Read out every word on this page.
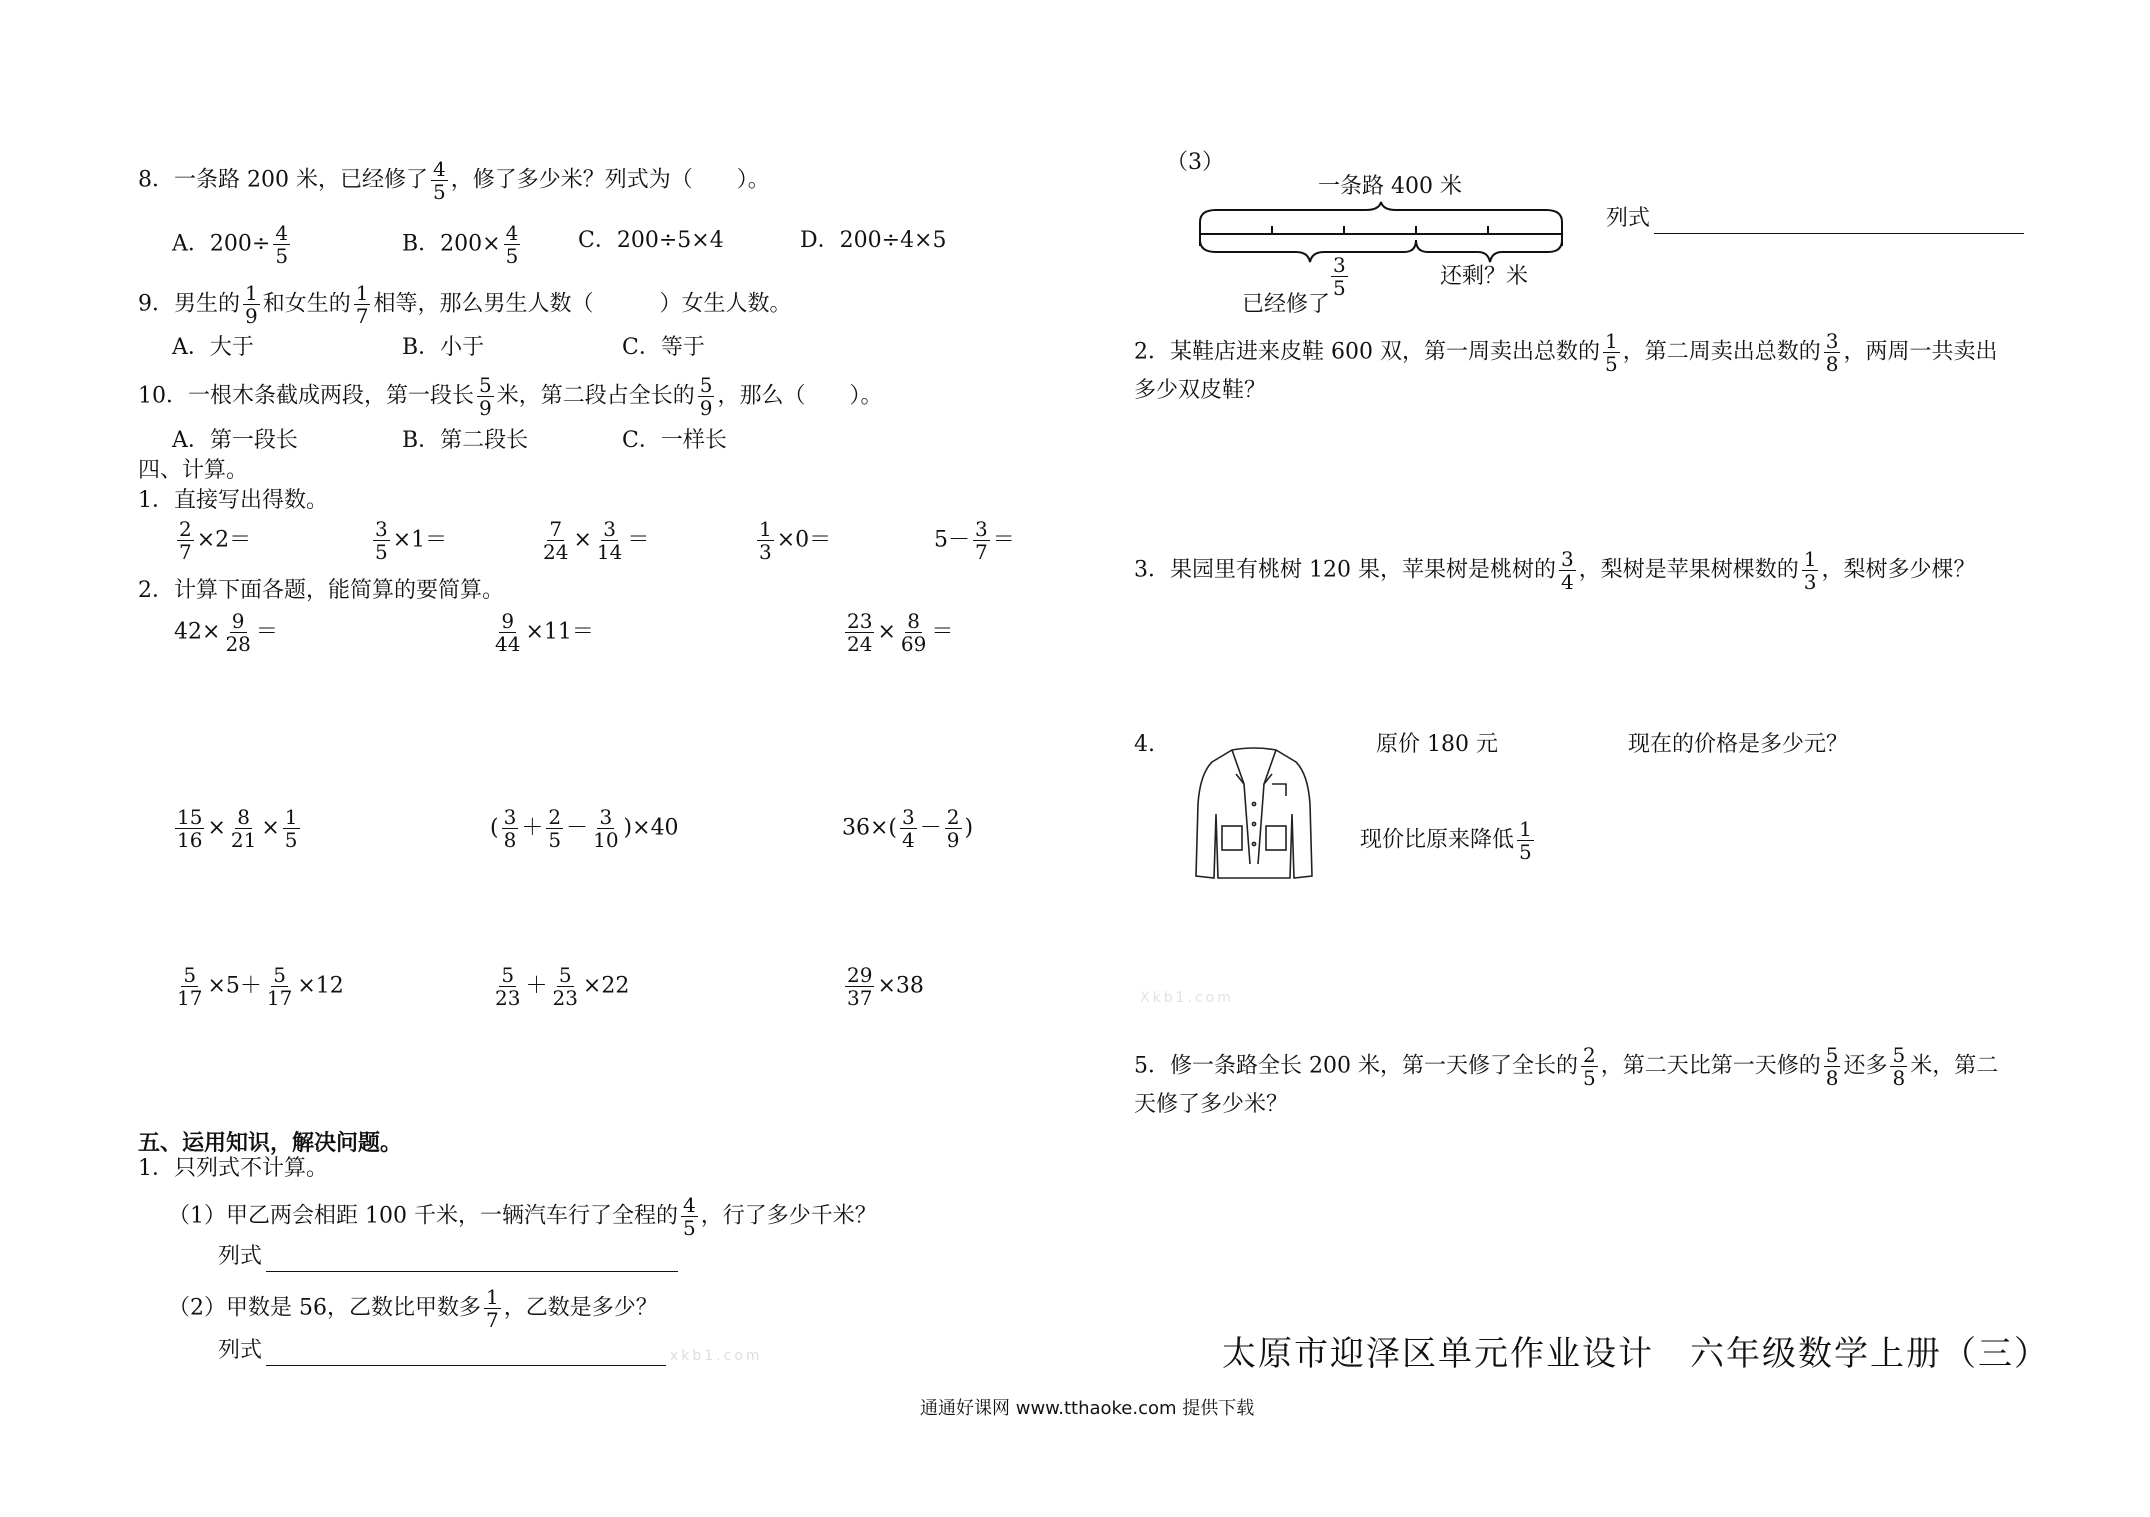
8．一条路 200 米，已经修了 $\frac{4}{5}$ ，修了多少米？列式为（　　）。
A．$200\div \frac{4}{5}$	B．$200\times \frac{4}{5}$	C．200÷5×4	D．200÷4×5
9．男生的 $\frac{1}{9}$ 和女生的 $\frac{1}{7}$ 相等，那么男生人数（　　　）女生人数。
A．大于	B．小于	C．等于
10．一根木条截成两段，第一段长 $\frac{5}{9}$ 米，第二段占全长的 $\frac{5}{9}$ ，那么（　　）。
A．第一段长	B．第二段长	C．一样长
四、计算。
1．直接写出得数。
$\frac{2}{7} \times 2=$	$\frac{3}{5} \times 1=$	$\frac{7}{24} \times \frac{3}{14}$ ＝	$\frac{1}{3} \times 0=$	$5- \frac{3}{7}$ ＝
2．计算下面各题，能简算的要简算。
$42\times \frac{9}{28}$ ＝	$\frac{9}{44} \times 11=$	$\frac{23}{24} \times \frac{8}{69}$ ＝
$\frac{15}{16} \times \frac{8}{21} \times \frac{1}{5}$	( $\frac{3}{8} + \frac{2}{5} - \frac{3}{10} )\times 40$	$36\times( \frac{3}{4} - \frac{2}{9}$ )
$\frac{5}{17} \times 5+ \frac{5}{17} \times 12$	$\frac{5}{23} + \frac{5}{23} \times 22$	$\frac{29}{37} \times 38$
五、运用知识，解决问题。
1．只列式不计算。
（1）甲乙两会相距 100 千米，一辆汽车行了全程的 $\frac{4}{5}$ ，行了多少千米？
列式
（2）甲数是 56，乙数比甲数多 $\frac{1}{7}$ ，乙数是多少？
列式	xkb1.com
（3）
一条路 400 米
$\frac{3}{5}$
已经修了
还剩？米
列式
2．某鞋店进来皮鞋 600 双，第一周卖出总数的 $\frac{1}{5}$ ，第二周卖出总数的 $\frac{3}{8}$ ，两周一共卖出
多少双皮鞋？
3．果园里有桃树 120 果，苹果树是桃树的 $\frac{3}{4}$ ，梨树是苹果树棵数的 $\frac{1}{3}$ ，梨树多少棵？
4.	原价 180 元	现在的价格是多少元？
现价比原来降低 $\frac{1}{5}$
Xkb1.com
5．修一条路全长 200 米，第一天修了全长的 $\frac{2}{5}$ ，第二天比第一天修的 $\frac{5}{8}$ 还多 $\frac{5}{8}$ 米，第二
天修了多少米？
太原市迎泽区单元作业设计　六年级数学上册（三）
通通好课网 www.tthaoke.com 提供下载
